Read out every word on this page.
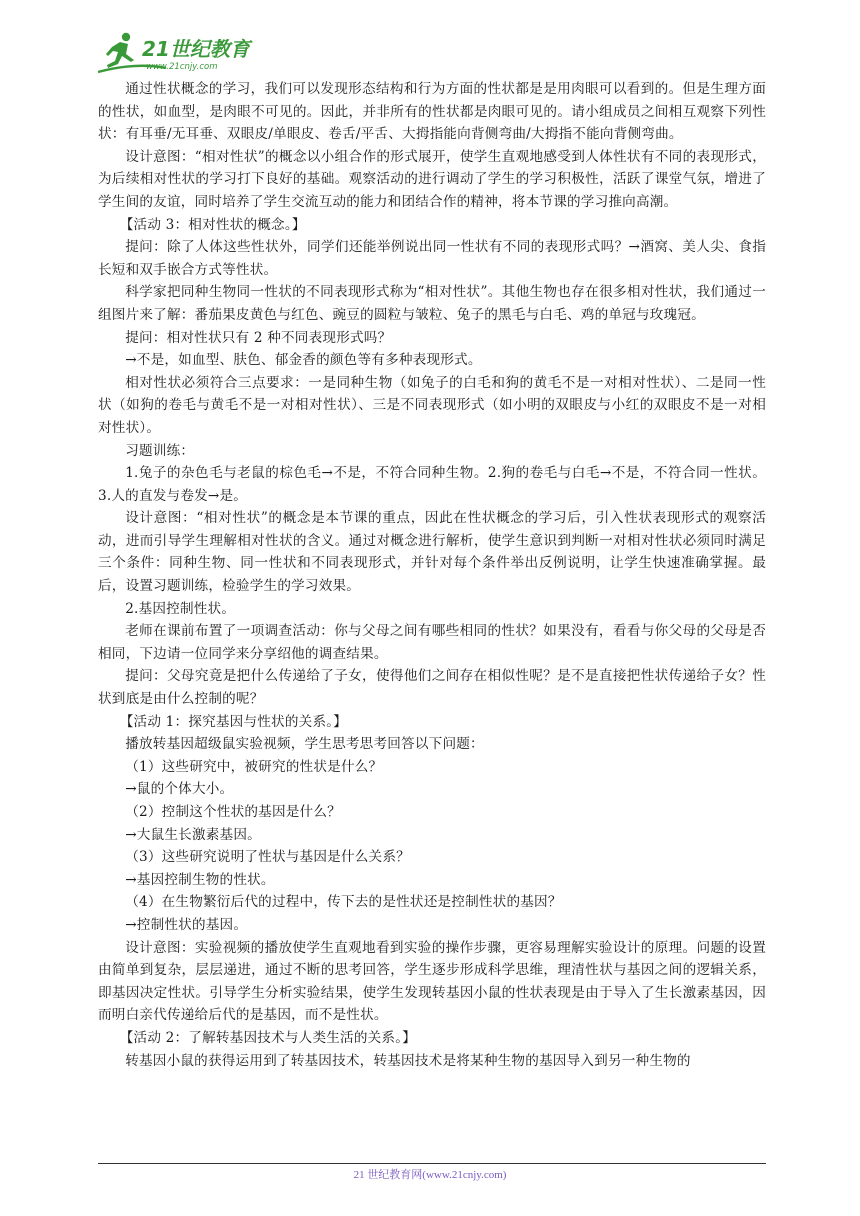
21世纪教育
www.21cnjy.com

通过性状概念的学习，我们可以发现形态结构和行为方面的性状都是是用肉眼可以看到的。但是生理方面的性状，如血型，是肉眼不可见的。因此，并非所有的性状都是肉眼可见的。请小组成员之间相互观察下列性状：有耳垂/无耳垂、双眼皮/单眼皮、卷舌/平舌、大拇指能向背侧弯曲/大拇指不能向背侧弯曲。

设计意图：“相对性状”的概念以小组合作的形式展开，使学生直观地感受到人体性状有不同的表现形式，为后续相对性状的学习打下良好的基础。观察活动的进行调动了学生的学习积极性，活跃了课堂气氛，增进了学生间的友谊，同时培养了学生交流互动的能力和团结合作的精神，将本节课的学习推向高潮。

【活动 3：相对性状的概念。】

提问：除了人体这些性状外，同学们还能举例说出同一性状有不同的表现形式吗？→酒窝、美人尖、食指长短和双手嵌合方式等性状。

科学家把同种生物同一性状的不同表现形式称为“相对性状”。其他生物也存在很多相对性状，我们通过一组图片来了解：番茄果皮黄色与红色、豌豆的圆粒与皱粒、兔子的黑毛与白毛、鸡的单冠与玫瑰冠。

提问：相对性状只有 2 种不同表现形式吗？

→不是，如血型、肤色、郁金香的颜色等有多种表现形式。

相对性状必须符合三点要求：一是同种生物（如兔子的白毛和狗的黄毛不是一对相对性状）、二是同一性状（如狗的卷毛与黄毛不是一对相对性状）、三是不同表现形式（如小明的双眼皮与小红的双眼皮不是一对相对性状）。

习题训练：

1.兔子的杂色毛与老鼠的棕色毛→不是，不符合同种生物。2.狗的卷毛与白毛→不是，不符合同一性状。3.人的直发与卷发→是。

设计意图：“相对性状”的概念是本节课的重点，因此在性状概念的学习后，引入性状表现形式的观察活动，进而引导学生理解相对性状的含义。通过对概念进行解析，使学生意识到判断一对相对性状必须同时满足三个条件：同种生物、同一性状和不同表现形式，并针对每个条件举出反例说明，让学生快速准确掌握。最后，设置习题训练，检验学生的学习效果。

2.基因控制性状。

老师在课前布置了一项调查活动：你与父母之间有哪些相同的性状？如果没有，看看与你父母的父母是否相同，下边请一位同学来分享绍他的调查结果。

提问：父母究竟是把什么传递给了子女，使得他们之间存在相似性呢？是不是直接把性状传递给子女？性状到底是由什么控制的呢？

【活动 1：探究基因与性状的关系。】

播放转基因超级鼠实验视频，学生思考思考回答以下问题：

（1）这些研究中，被研究的性状是什么？

→鼠的个体大小。

（2）控制这个性状的基因是什么？

→大鼠生长激素基因。

（3）这些研究说明了性状与基因是什么关系？

→基因控制生物的性状。

（4）在生物繁衍后代的过程中，传下去的是性状还是控制性状的基因？

→控制性状的基因。

设计意图：实验视频的播放使学生直观地看到实验的操作步骤，更容易理解实验设计的原理。问题的设置由简单到复杂，层层递进，通过不断的思考回答，学生逐步形成科学思维，理清性状与基因之间的逻辑关系，即基因决定性状。引导学生分析实验结果，使学生发现转基因小鼠的性状表现是由于导入了生长激素基因，因而明白亲代传递给后代的是基因，而不是性状。

【活动 2：了解转基因技术与人类生活的关系。】

转基因小鼠的获得运用到了转基因技术，转基因技术是将某种生物的基因导入到另一种生物的

21 世纪教育网(www.21cnjy.com)
